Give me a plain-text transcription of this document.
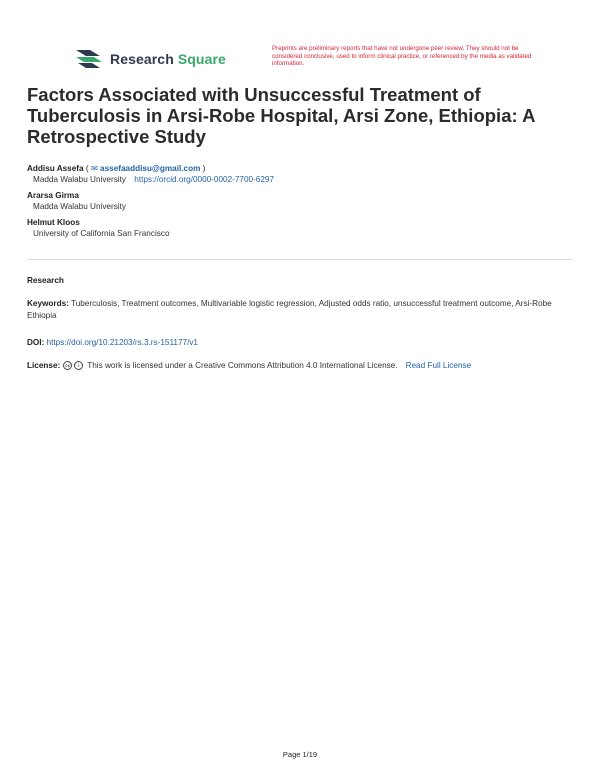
Research Square
Preprints are preliminary reports that have not undergone peer review. They should not be considered conclusive, used to inform clinical practice, or referenced by the media as validated information.
Factors Associated with Unsuccessful Treatment of Tuberculosis in Arsi-Robe Hospital, Arsi Zone, Ethiopia: A Retrospective Study
Addisu Assefa ( ✉ assefaaddisu@gmail.com )
Madda Walabu University https://orcid.org/0000-0002-7700-6297
Ararsa Girma
Madda Walabu University
Helmut Kloos
University of California San Francisco
Research
Keywords: Tuberculosis, Treatment outcomes, Multivariable logistic regression, Adjusted odds ratio, unsuccessful treatment outcome, Arsi-Robe Ethiopia
DOI: https://doi.org/10.21203/rs.3.rs-151177/v1
License:	cc	i This work is licensed under a Creative Commons Attribution 4.0 International License. Read Full License
Page 1/19
